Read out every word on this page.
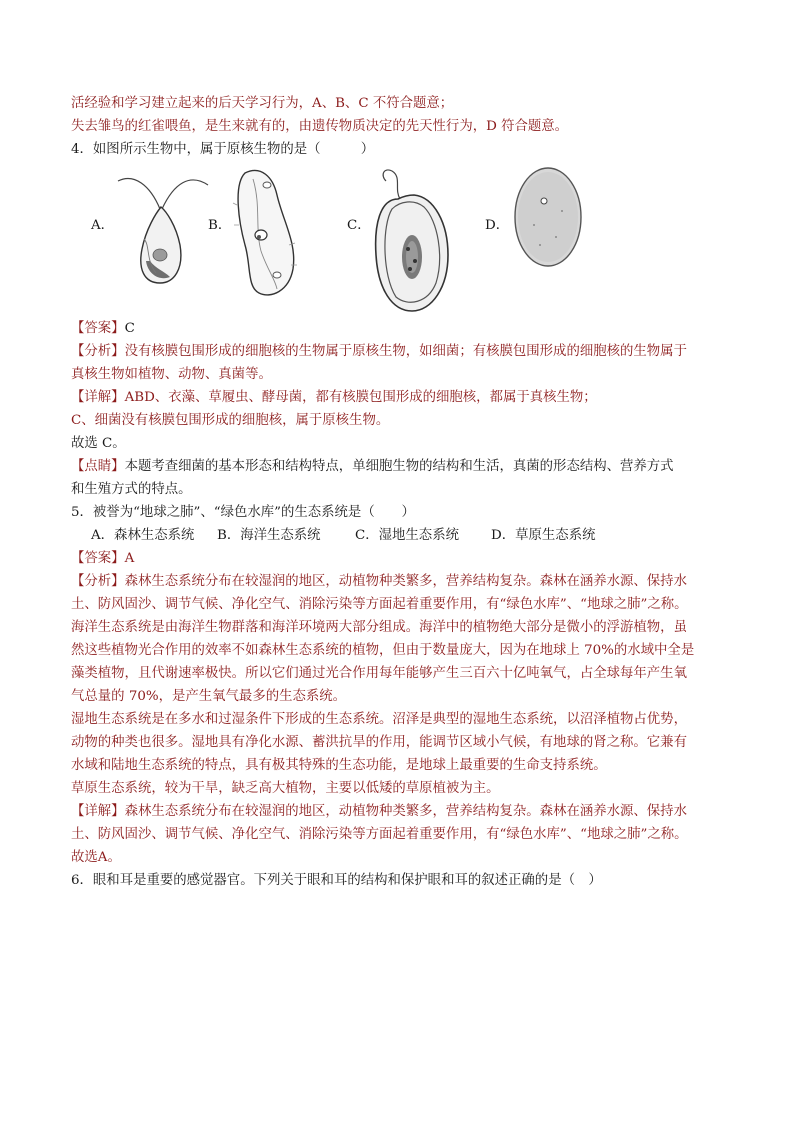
活经验和学习建立起来的后天学习行为，A、B、C 不符合题意；
失去雏鸟的红雀喂鱼，是生来就有的，由遗传物质决定的先天性行为，D 符合题意。
4．如图所示生物中，属于原核生物的是（　　　）
A．	B．	C．	D．
【答案】C
【分析】没有核膜包围形成的细胞核的生物属于原核生物，如细菌；有核膜包围形成的细胞核的生物属于
真核生物如植物、动物、真菌等。
【详解】ABD、衣藻、草履虫、酵母菌，都有核膜包围形成的细胞核，都属于真核生物；
C、细菌没有核膜包围形成的细胞核，属于原核生物。
故选 C。
【点睛】本题考查细菌的基本形态和结构特点，单细胞生物的结构和生活，真菌的形态结构、营养方式
和生殖方式的特点。
5．被誉为“地球之肺”、“绿色水库”的生态系统是（　　）
A．森林生态系统 B．海洋生态系统	C．湿地生态系统 D．草原生态系统
【答案】A
【分析】森林生态系统分布在较湿润的地区，动植物种类繁多，营养结构复杂。森林在涵养水源、保持水
土、防风固沙、调节气候、净化空气、消除污染等方面起着重要作用，有“绿色水库”、“地球之肺”之称。
海洋生态系统是由海洋生物群落和海洋环境两大部分组成。海洋中的植物绝大部分是微小的浮游植物，虽
然这些植物光合作用的效率不如森林生态系统的植物，但由于数量庞大，因为在地球上 70%的水域中全是
藻类植物，且代谢速率极快。所以它们通过光合作用每年能够产生三百六十亿吨氧气，占全球每年产生氧
气总量的 70%，是产生氧气最多的生态系统。
湿地生态系统是在多水和过湿条件下形成的生态系统。沼泽是典型的湿地生态系统，以沼泽植物占优势，
动物的种类也很多。湿地具有净化水源、蓄洪抗旱的作用，能调节区域小气候，有地球的肾之称。它兼有
水域和陆地生态系统的特点，具有极其特殊的生态功能，是地球上最重要的生命支持系统。
草原生态系统，较为干旱，缺乏高大植物，主要以低矮的草原植被为主。
【详解】森林生态系统分布在较湿润的地区，动植物种类繁多，营养结构复杂。森林在涵养水源、保持水
土、防风固沙、调节气候、净化空气、消除污染等方面起着重要作用，有“绿色水库”、“地球之肺”之称。
故选A。
6．眼和耳是重要的感觉器官。下列关于眼和耳的结构和保护眼和耳的叙述正确的是（　）
